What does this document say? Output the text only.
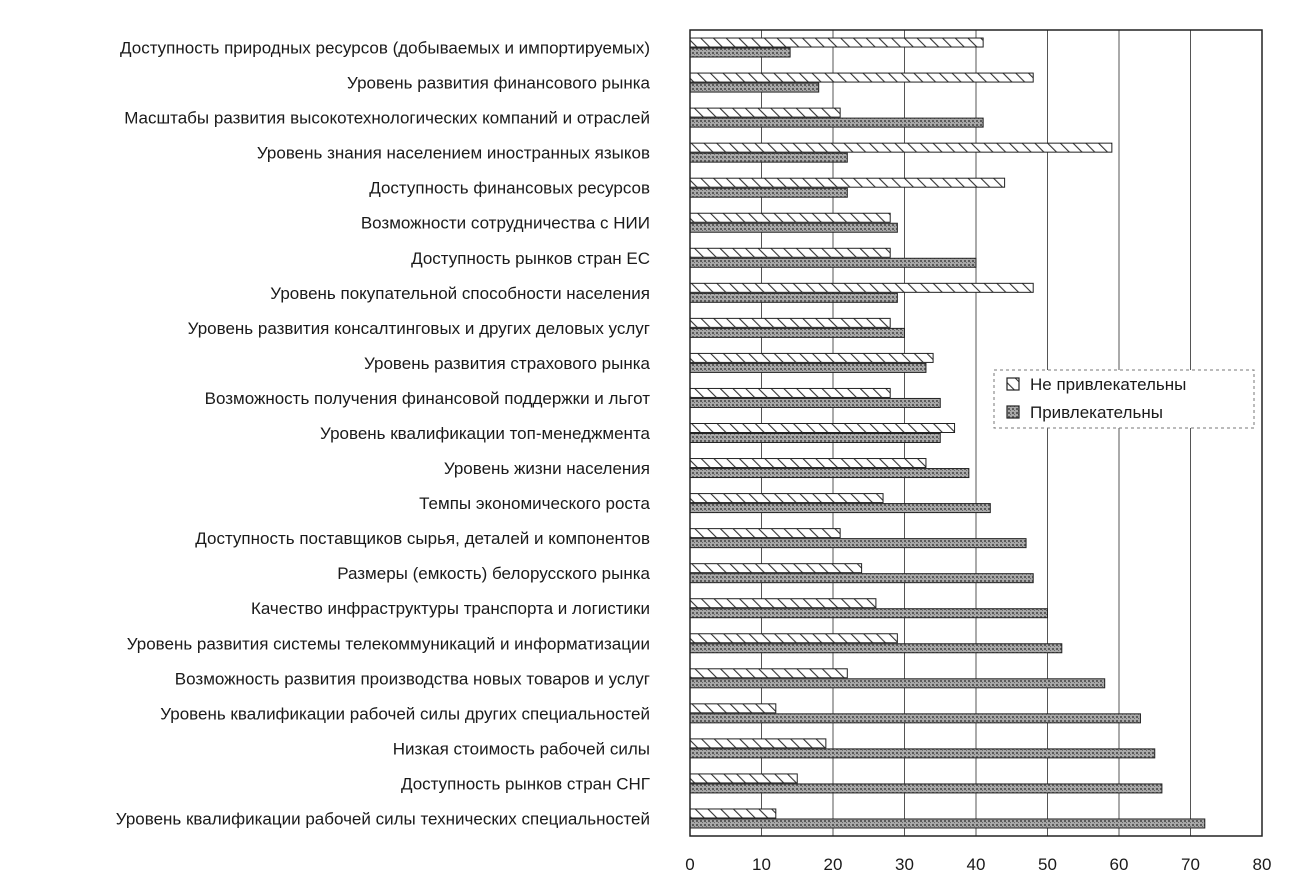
Доступность природных ресурсов (добываемых и импортируемых)
Уровень развития финансового рынка
Масштабы развития высокотехнологических компаний и отраслей
Уровень знания населением иностранных языков
Доступность финансовых ресурсов
Возможности сотрудничества с НИИ
Доступность рынков стран ЕС
Уровень покупательной способности населения
Уровень развития консалтинговых и других деловых услуг
Уровень развития страхового рынка
Возможность получения финансовой поддержки и льгот
Уровень квалификации топ-менеджмента
Уровень жизни населения
Темпы экономического роста
Доступность поставщиков сырья, деталей и компонентов
Размеры (емкость) белорусского рынка
Качество инфраструктуры транспорта и логистики
Уровень развития системы телекоммуникаций и информатизации
Возможность развития производства новых товаров и услуг
Уровень квалификации рабочей силы других специальностей
Низкая стоимость рабочей силы
Доступность рынков стран СНГ
Уровень квалификации рабочей силы технических специальностей
0	10	20	30	40	50	60	70	80
Не привлекательны
Привлекательны
